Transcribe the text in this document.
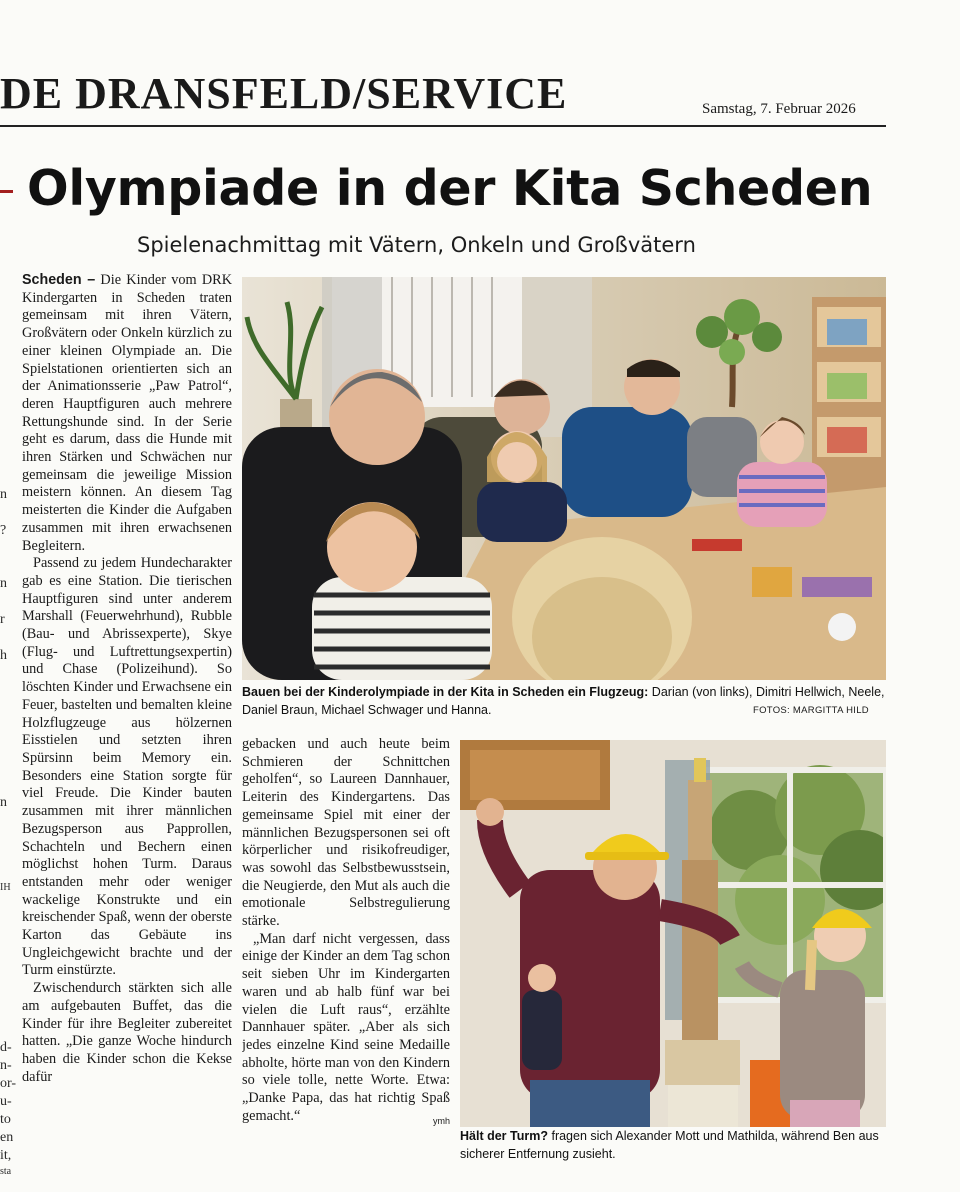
DE DRANSFELD/SERVICE	Samstag, 7. Februar 2026
Olympiade in der Kita Scheden
Spielenachmittag mit Vätern, Onkeln und Großvätern
n
?
n
r
h
n
IH
d-
n-
or-
u-
to
en
it,
sta

Scheden – Die Kinder vom DRK Kindergarten in Scheden traten gemeinsam mit ihren Vätern, Großvätern oder Onkeln kürzlich zu einer kleinen Olympiade an. Die Spielstationen orientierten sich an der Animationsserie „Paw Patrol“, deren Hauptfiguren auch mehrere Rettungshunde sind. In der Serie geht es darum, dass die Hunde mit ihren Stärken und Schwächen nur gemeinsam die jeweilige Mission meistern können. An diesem Tag meisterten die Kinder die Aufgaben zusammen mit ihren erwachsenen Begleitern.

Passend zu jedem Hundecharakter gab es eine Station. Die tierischen Hauptfiguren sind unter anderem Marshall (Feuerwehrhund), Rubble (Bau- und Abrissexperte), Skye (Flug- und Luftrettungsexpertin) und Chase (Polizeihund). So löschten Kinder und Erwachsene ein Feuer, bastelten und bemalten kleine Holzflugzeuge aus hölzernen Eisstielen und setzten ihren Spürsinn beim Memory ein. Besonders eine Station sorgte für viel Freude. Die Kinder bauten zusammen mit ihrer männlichen Bezugsperson aus Papprollen, Schachteln und Bechern einen möglichst hohen Turm. Daraus entstanden mehr oder weniger wackelige Konstrukte und ein kreischender Spaß, wenn der oberste Karton das Gebäute ins Ungleichgewicht brachte und der Turm einstürzte.

Zwischendurch stärkten sich alle am aufgebauten Buffet, das die Kinder für ihre Begleiter zubereitet hatten. „Die ganze Woche hindurch haben die Kinder schon die Kekse dafür

gebacken und auch heute beim Schmieren der Schnittchen geholfen“, so Laureen Dannhauer, Leiterin des Kindergartens. Das gemeinsame Spiel mit einer der männlichen Bezugspersonen sei oft körperlicher und risikofreudiger, was sowohl das Selbstbewusstsein, die Neugierde, den Mut als auch die emotionale Selbstregulierung stärke.

„Man darf nicht vergessen, dass einige der Kinder an dem Tag schon seit sieben Uhr im Kindergarten waren und ab halb fünf war bei vielen die Luft raus“, erzählte Dannhauer später. „Aber als sich jedes einzelne Kind seine Medaille abholte, hörte man von den Kindern so viele tolle, nette Worte. Etwa: „Danke Papa, das hat richtig Spaß gemacht.“	ymh

Bauen bei der Kinderolympiade in der Kita in Scheden ein Flugzeug: Darian (von links), Dimitri Hellwich, Neele, Daniel Braun, Michael Schwager und Hanna.	FOTOS: MARGITTA HILD
Hält der Turm? fragen sich Alexander Mott und Mathilda, während Ben aus sicherer Entfernung zusieht.
